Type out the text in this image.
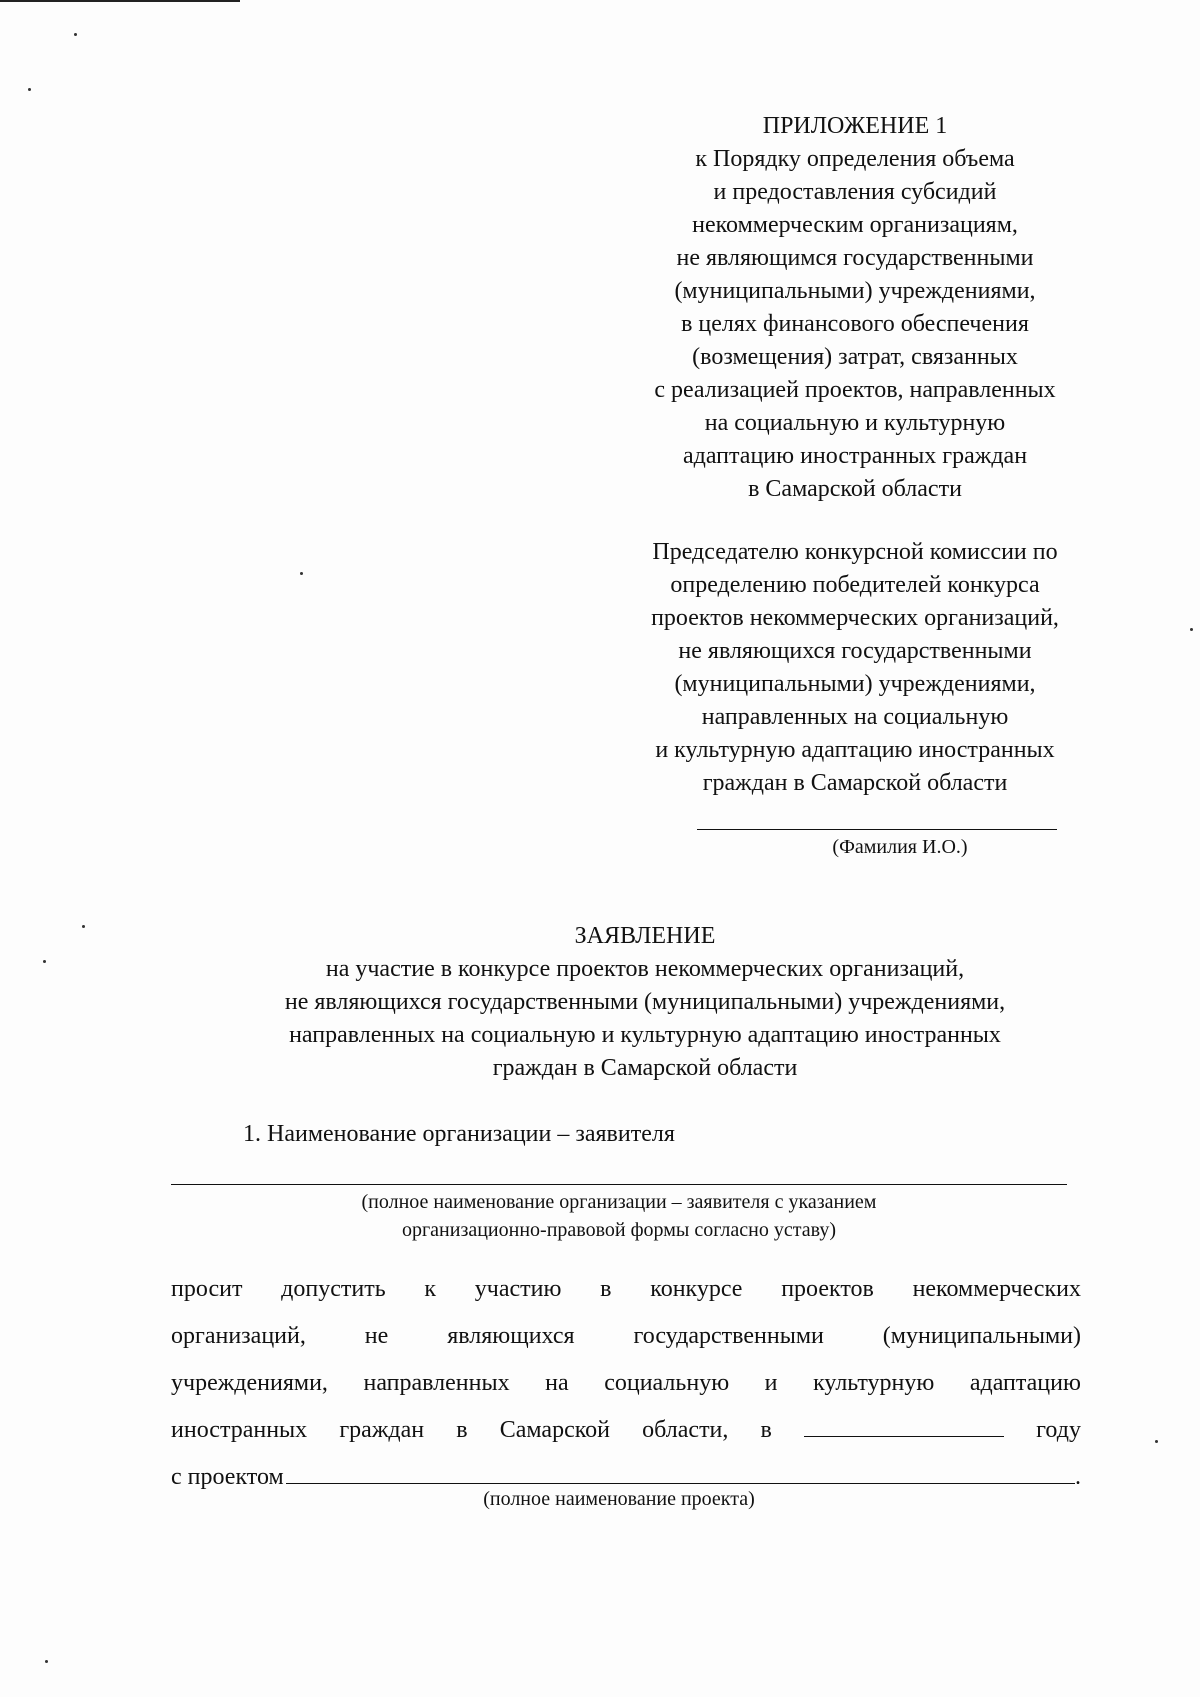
ПРИЛОЖЕНИЕ 1
к Порядку определения объема
и предоставления субсидий
некоммерческим организациям,
не являющимся государственными
(муниципальными) учреждениями,
в целях финансового обеспечения
(возмещения) затрат, связанных
с реализацией проектов, направленных
на социальную и культурную
адаптацию иностранных граждан
в Самарской области
Председателю конкурсной комиссии по
определению победителей конкурса
проектов некоммерческих организаций,
не являющихся государственными
(муниципальными) учреждениями,
направленных на социальную
и культурную адаптацию иностранных
граждан в Самарской области
(Фамилия И.О.)
ЗАЯВЛЕНИЕ
на участие в конкурсе проектов некоммерческих организаций,
не являющихся государственными (муниципальными) учреждениями,
направленных на социальную и культурную адаптацию иностранных
граждан в Самарской области
1. Наименование организации – заявителя
(полное наименование организации – заявителя с указанием
организационно-правовой формы согласно уставу)
просит допустить к участию в конкурсе проектов некоммерческих
организаций, не являющихся государственными (муниципальными)
учреждениями, направленных на социальную и культурную адаптацию
иностранных граждан в Самарской области, в	году
с проектом	.
(полное наименование проекта)
